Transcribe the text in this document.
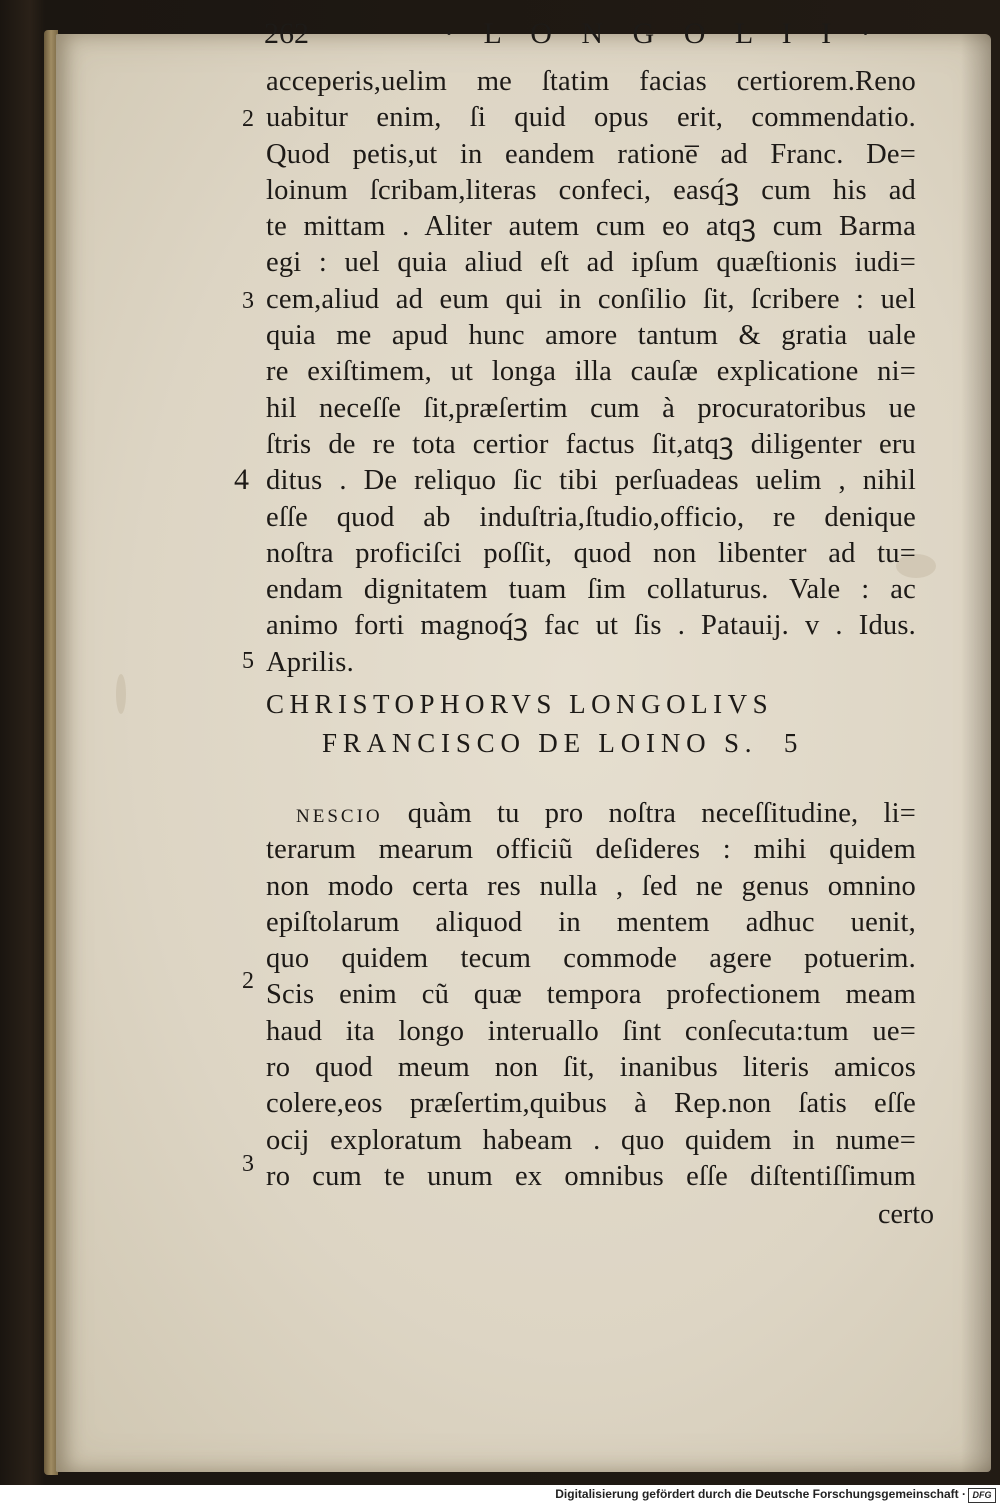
262	· L O N G O L I I ·
2
3
4
5
2
3
acceperis,uelim me ſtatim facias certiorem.Reno
uabitur enim, ſi quid opus erit, commendatio.
Quod petis,ut in eandem ratione̅ ad Franc. De=
loinum ſcribam,literas confeci, easq́ꝫ cum his ad
te mittam . Aliter autem cum eo atqꝫ cum Barma
egi : uel quia aliud eſt ad ipſum quæſtionis iudi=
cem,aliud ad eum qui in conſilio ſit, ſcribere : uel
quia me apud hunc amore tantum & gratia uale
re exiſtimem, ut longa illa cauſæ explicatione ni=
hil neceſſe ſit,præſertim cum à procuratoribus ue
ſtris de re tota certior factus ſit,atqꝫ diligenter eru
ditus . De reliquo ſic tibi perſuadeas uelim , nihil
eſſe quod ab induſtria,ſtudio,officio, re denique
noſtra proficiſci poſſit, quod non libenter ad tu=
endam dignitatem tuam ſim collaturus. Vale : ac
animo forti magnoq́ꝫ fac ut ſis . Patauij. v . Idus.
Aprilis.
CHRISTOPHORVS LONGOLIVS
FRANCISCO DE LOINO S. 5
NESCIO quàm tu pro noſtra neceſſitudine, li=
terarum mearum officiũ deſideres : mihi quidem
non modo certa res nulla , ſed ne genus omnino
epiſtolarum aliquod in mentem adhuc uenit,
quo quidem tecum commode agere potuerim.
Scis enim cũ quæ tempora profectionem meam
haud ita longo interuallo ſint conſecuta:tum ue=
ro quod meum non ſit, inanibus literis amicos
colere,eos præſertim,quibus à Rep.non ſatis eſſe
ocij exploratum habeam . quo quidem in nume=
ro cum te unum ex omnibus eſſe diſtentiſſimum
certo
Digitalisierung gefördert durch die Deutsche Forschungsgemeinschaft · DFG
